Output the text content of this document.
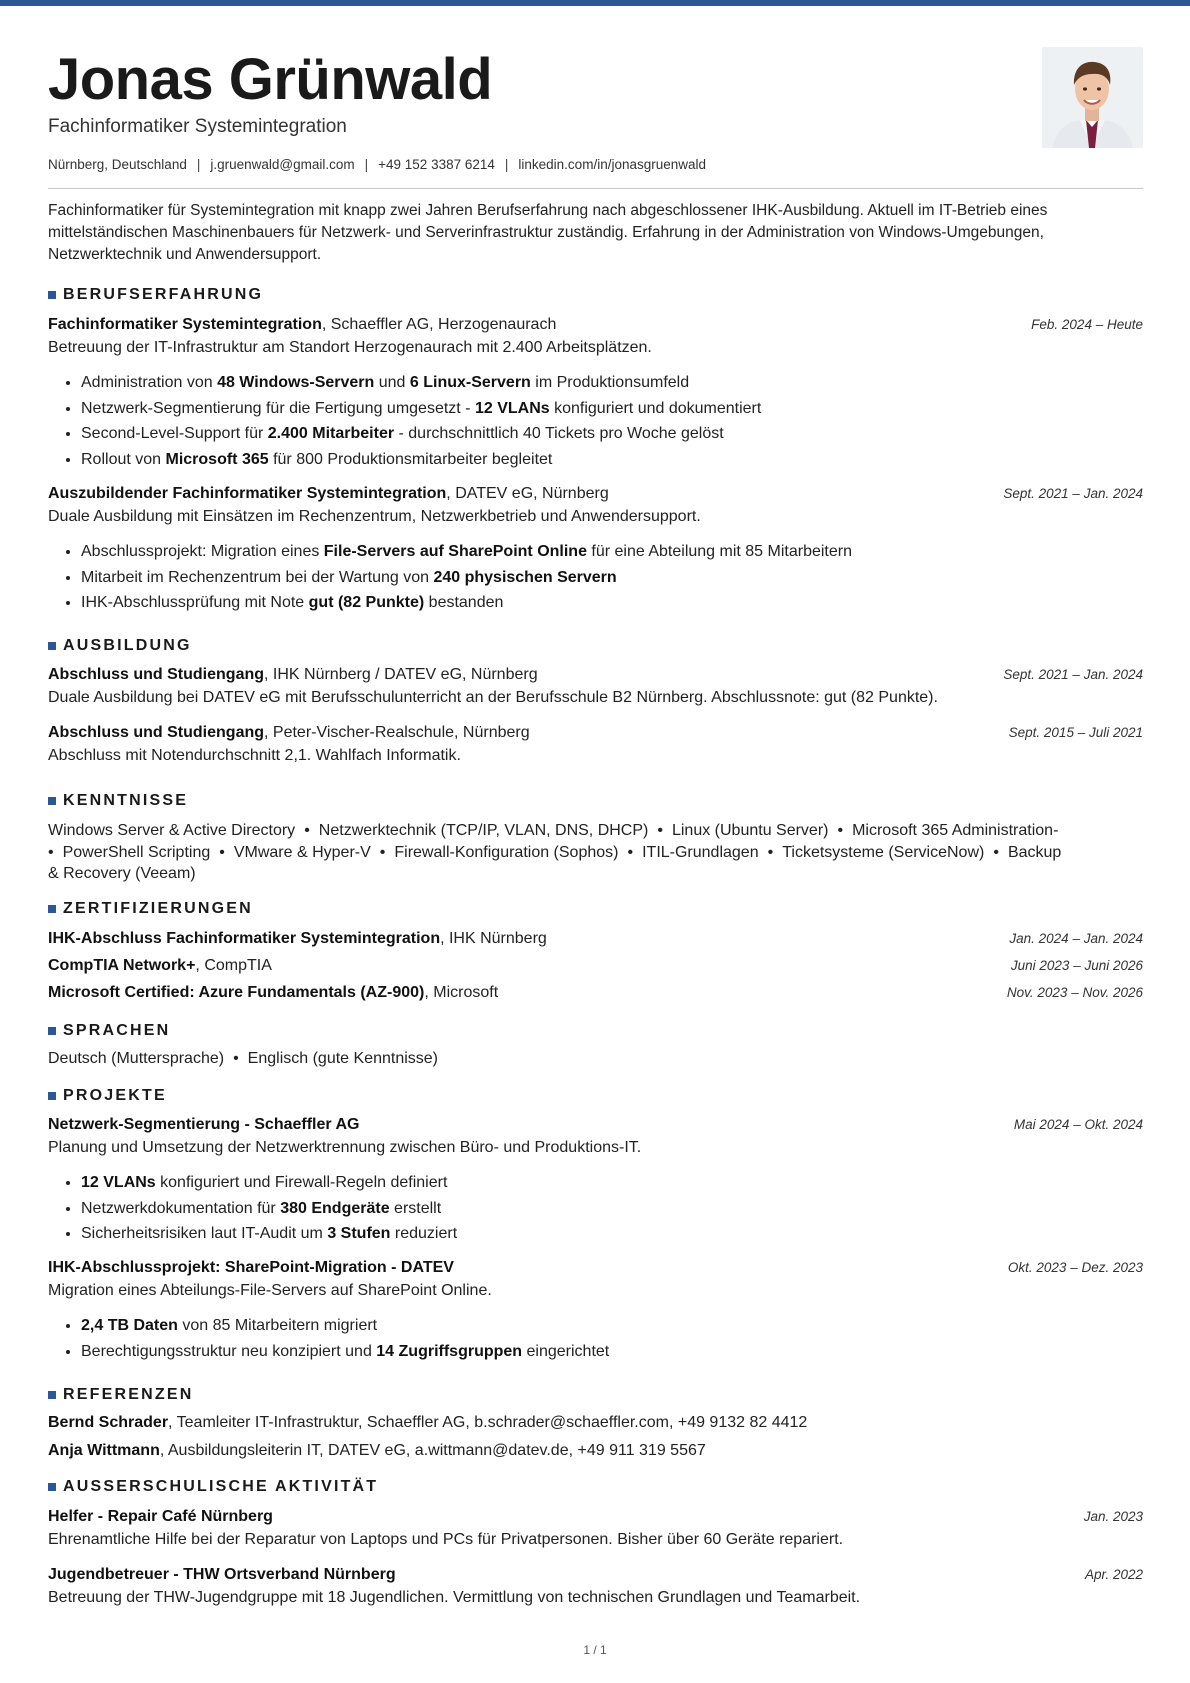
Jonas Grünwald
Fachinformatiker Systemintegration
Nürnberg, Deutschland | j.gruenwald@gmail.com | +49 152 3387 6214 | linkedin.com/in/jonasgruenwald
Fachinformatiker für Systemintegration mit knapp zwei Jahren Berufserfahrung nach abgeschlossener IHK-Ausbildung. Aktuell im IT-Betrieb eines mittelständischen Maschinenbauers für Netzwerk- und Serverinfrastruktur zuständig. Erfahrung in der Administration von Windows-Umgebungen, Netzwerktechnik und Anwendersupport.
BERUFSERFAHRUNG
Fachinformatiker Systemintegration, Schaeffler AG, Herzogenaurach	Feb. 2024 – Heute
Betreuung der IT-Infrastruktur am Standort Herzogenaurach mit 2.400 Arbeitsplätzen.
• Administration von 48 Windows-Servern und 6 Linux-Servern im Produktionsumfeld
• Netzwerk-Segmentierung für die Fertigung umgesetzt - 12 VLANs konfiguriert und dokumentiert
• Second-Level-Support für 2.400 Mitarbeiter - durchschnittlich 40 Tickets pro Woche gelöst
• Rollout von Microsoft 365 für 800 Produktionsmitarbeiter begleitet
Auszubildender Fachinformatiker Systemintegration, DATEV eG, Nürnberg	Sept. 2021 – Jan. 2024
Duale Ausbildung mit Einsätzen im Rechenzentrum, Netzwerkbetrieb und Anwendersupport.
• Abschlussprojekt: Migration eines File-Servers auf SharePoint Online für eine Abteilung mit 85 Mitarbeitern
• Mitarbeit im Rechenzentrum bei der Wartung von 240 physischen Servern
• IHK-Abschlussprüfung mit Note gut (82 Punkte) bestanden
AUSBILDUNG
Abschluss und Studiengang, IHK Nürnberg / DATEV eG, Nürnberg	Sept. 2021 – Jan. 2024
Duale Ausbildung bei DATEV eG mit Berufsschulunterricht an der Berufsschule B2 Nürnberg. Abschlussnote: gut (82 Punkte).
Abschluss und Studiengang, Peter-Vischer-Realschule, Nürnberg	Sept. 2015 – Juli 2021
Abschluss mit Notendurchschnitt 2,1. Wahlfach Informatik.
KENNTNISSE
Windows Server & Active Directory • Netzwerktechnik (TCP/IP, VLAN, DNS, DHCP) • Linux (Ubuntu Server) • Microsoft 365 Administration-
• PowerShell Scripting • VMware & Hyper-V • Firewall-Konfiguration (Sophos) • ITIL-Grundlagen • Ticketsysteme (ServiceNow) • Backup
& Recovery (Veeam)
ZERTIFIZIERUNGEN
IHK-Abschluss Fachinformatiker Systemintegration, IHK Nürnberg	Jan. 2024 – Jan. 2024
CompTIA Network+, CompTIA	Juni 2023 – Juni 2026
Microsoft Certified: Azure Fundamentals (AZ-900), Microsoft	Nov. 2023 – Nov. 2026
SPRACHEN
Deutsch (Muttersprache) • Englisch (gute Kenntnisse)
PROJEKTE
Netzwerk-Segmentierung - Schaeffler AG	Mai 2024 – Okt. 2024
Planung und Umsetzung der Netzwerktrennung zwischen Büro- und Produktions-IT.
• 12 VLANs konfiguriert und Firewall-Regeln definiert
• Netzwerkdokumentation für 380 Endgeräte erstellt
• Sicherheitsrisiken laut IT-Audit um 3 Stufen reduziert
IHK-Abschlussprojekt: SharePoint-Migration - DATEV	Okt. 2023 – Dez. 2023
Migration eines Abteilungs-File-Servers auf SharePoint Online.
• 2,4 TB Daten von 85 Mitarbeitern migriert
• Berechtigungsstruktur neu konzipiert und 14 Zugriffsgruppen eingerichtet
REFERENZEN
Bernd Schrader, Teamleiter IT-Infrastruktur, Schaeffler AG, b.schrader@schaeffler.com, +49 9132 82 4412
Anja Wittmann, Ausbildungsleiterin IT, DATEV eG, a.wittmann@datev.de, +49 911 319 5567
AUSSERSCHULISCHE AKTIVITÄT
Helfer - Repair Café Nürnberg	Jan. 2023
Ehrenamtliche Hilfe bei der Reparatur von Laptops und PCs für Privatpersonen. Bisher über 60 Geräte repariert.
Jugendbetreuer - THW Ortsverband Nürnberg	Apr. 2022
Betreuung der THW-Jugendgruppe mit 18 Jugendlichen. Vermittlung von technischen Grundlagen und Teamarbeit.
1 / 1
